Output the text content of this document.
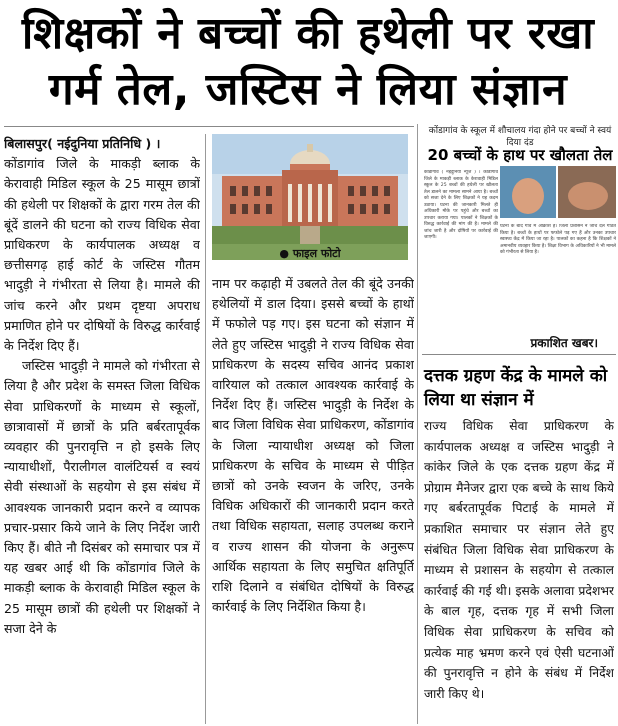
शिक्षकों ने बच्चों की हथेली पर रखा
गर्म तेल, जस्टिस ने लिया संज्ञान

बिलासपुर( नईदुनिया प्रतिनिधि ) ।

कोंडागांव जिले के माकड़ी ब्लाक के केरावाही मिडिल स्कूल के 25 मासूम छात्रों की हथेली पर शिक्षकों के द्वारा गरम तेल की बूंदें डालने की घटना को राज्य विधिक सेवा प्राधिकरण के कार्यपालक अध्यक्ष व छत्तीसगढ़ हाई कोर्ट के जस्टिस गौतम भादुड़ी ने गंभीरता से लिया है। मामले की जांच करने और प्रथम दृष्टया अपराध प्रमाणित होने पर दोषियों के विरुद्ध कार्रवाई के निर्देश दिए हैं।

जस्टिस भादुड़ी ने मामले को गंभीरता से लिया है और प्रदेश के समस्त जिला विधिक सेवा प्राधिकरणों के माध्यम से स्कूलों, छात्रावासों में छात्रों के प्रति बर्बरतापूर्वक व्यवहार की पुनरावृत्ति न हो इसके लिए न्यायाधीशों, पैरालीगल वालंटियर्स व स्वयं सेवी संस्थाओं के सहयोग से इस संबंध में आवश्यक जानकारी प्रदान करने व व्यापक प्रचार-प्रसार किये जाने के लिए निर्देश जारी किए हैं। बीते नौ दिसंबर को समाचार पत्र में यह खबर आई थी कि कोंडागांव जिले के माकड़ी ब्लाक के केरावाही मिडिल स्कूल के 25 मासूम छात्रों की हथेली पर शिक्षकों ने सजा देने के

● फाइल फोटो

नाम पर कढ़ाही में उबलते तेल की बूंदे उनकी हथेलियों में डाल दिया। इससे बच्चों के हाथों में फफोले पड़ गए। इस घटना को संज्ञान में लेते हुए जस्टिस भादुड़ी ने राज्य विधिक सेवा प्राधिकरण के सदस्य सचिव आनंद प्रकाश वारियाल को तत्काल आवश्यक कार्रवाई के निर्देश दिए हैं। जस्टिस भादुड़ी के निर्देश के बाद जिला विधिक सेवा प्राधिकरण, कोंडागांव के जिला न्यायाधीश अध्यक्ष को जिला प्राधिकरण के सचिव के माध्यम से पीड़ित छात्रों को उनके स्वजन के जरिए, उनके विधिक अधिकारों की जानकारी प्रदान करते तथा विधिक सहायता, सलाह उपलब्ध कराने व राज्य शासन की योजना के अनुरूप आर्थिक सहायता के लिए समुचित क्षतिपूर्ति राशि दिलाने व संबंधित दोषियों के विरुद्ध कार्रवाई के लिए निर्देशित किया है।

कोंडागांव के स्कूल में शौचालय गंदा होने पर बच्चों ने स्वयं दिया दंड
20 बच्चों के हाथ पर खौलता तेल
कोंडागांव ( नईदुनिया न्यूज ) । कोंडागांव जिले के माकड़ी ब्लाक के केरावाही मिडिल स्कूल के 25 बच्चों की हथेली पर खौलता तेल डालने का मामला सामने आया है। बच्चों को सजा देने के लिए शिक्षकों ने यह कदम उठाया। घटना की जानकारी मिलते ही अधिकारी मौके पर पहुंचे और बच्चों का उपचार कराया गया। पालकों ने शिक्षकों के विरुद्ध कार्रवाई की मांग की है। मामले की जांच जारी है और दोषियों पर कार्रवाई की जाएगी।
घटना के बाद गांव में आक्रोश है। जिला प्रशासन ने जांच दल गठित किया है। बच्चों के हाथों पर फफोले पड़ गए हैं और उनका उपचार स्वास्थ्य केंद्र में किया जा रहा है। पालकों का कहना है कि शिक्षकों ने अमानवीय व्यवहार किया है। शिक्षा विभाग के अधिकारियों ने भी मामले को गंभीरता से लिया है।
प्रकाशित खबर।
दत्तक ग्रहण केंद्र के मामले को लिया था संज्ञान में
राज्य विधिक सेवा प्राधिकरण के कार्यपालक अध्यक्ष व जस्टिस भादुड़ी ने कांकेर जिले के एक दत्तक ग्रहण केंद्र में प्रोग्राम मैनेजर द्वारा एक बच्चे के साथ किये गए बर्बरतापूर्वक पिटाई के मामले में प्रकाशित समाचार पर संज्ञान लेते हुए संबंधित जिला विधिक सेवा प्राधिकरण के माध्यम से प्रशासन के सहयोग से तत्काल कार्रवाई की गई थी। इसके अलावा प्रदेशभर के बाल गृह, दत्तक गृह में सभी जिला विधिक सेवा प्राधिकरण के सचिव को प्रत्येक माह भ्रमण करने एवं ऐसी घटनाओं की पुनरावृत्ति न होने के संबंध में निर्देश जारी किए थे।
